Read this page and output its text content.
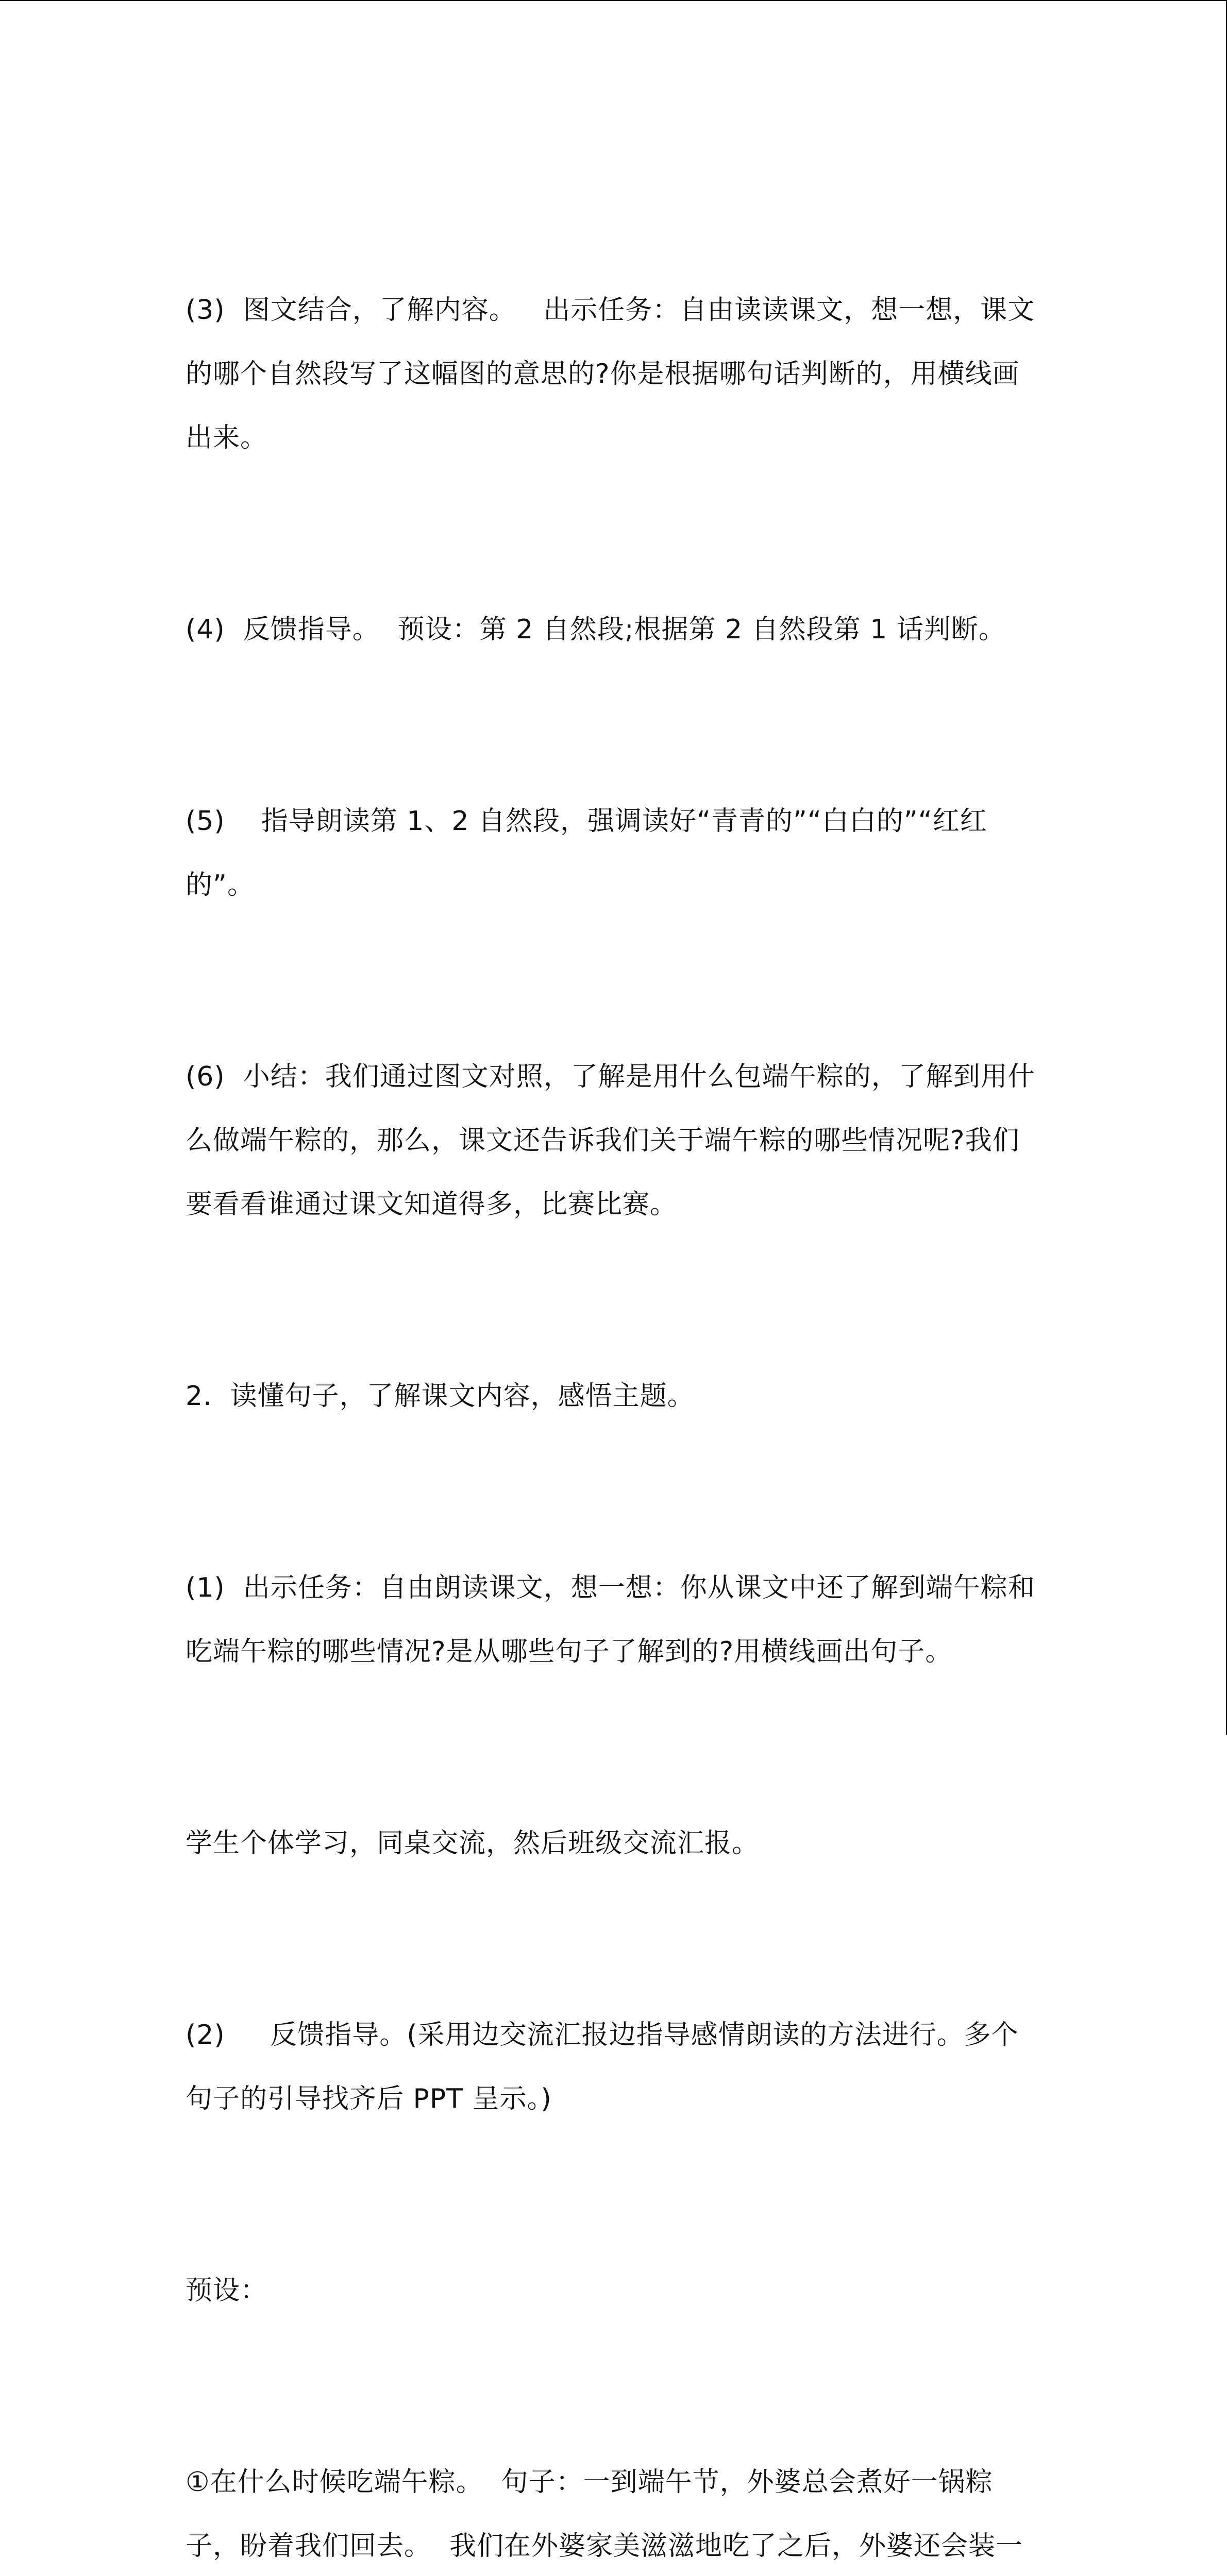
(3)  图文结合，了解内容。   出示任务：自由读读课文，想一想，课文的哪个自然段写了这幅图的意思的?你是根据哪句话判断的，用横线画出来。

(4)  反馈指导。  预设：第 2 自然段;根据第 2 自然段第 1 话判断。

(5)    指导朗读第 1、2 自然段，强调读好“青青的”“白白的”“红红的”。

(6)  小结：我们通过图文对照，了解是用什么包端午粽的，了解到用什么做端午粽的，那么，课文还告诉我们关于端午粽的哪些情况呢?我们要看看谁通过课文知道得多，比赛比赛。

2.  读懂句子，了解课文内容，感悟主题。

(1)  出示任务：自由朗读课文，想一想：你从课文中还了解到端午粽和吃端午粽的哪些情况?是从哪些句子了解到的?用横线画出句子。

学生个体学习，同桌交流，然后班级交流汇报。

(2)     反馈指导。(采用边交流汇报边指导感情朗读的方法进行。多个句子的引导找齐后 PPT 呈示。)

预设：

①在什么时候吃端午粽。  句子：一到端午节，外婆总会煮好一锅粽子，盼着我们回去。  我们在外婆家美滋滋地吃了之后，外婆还会装一
